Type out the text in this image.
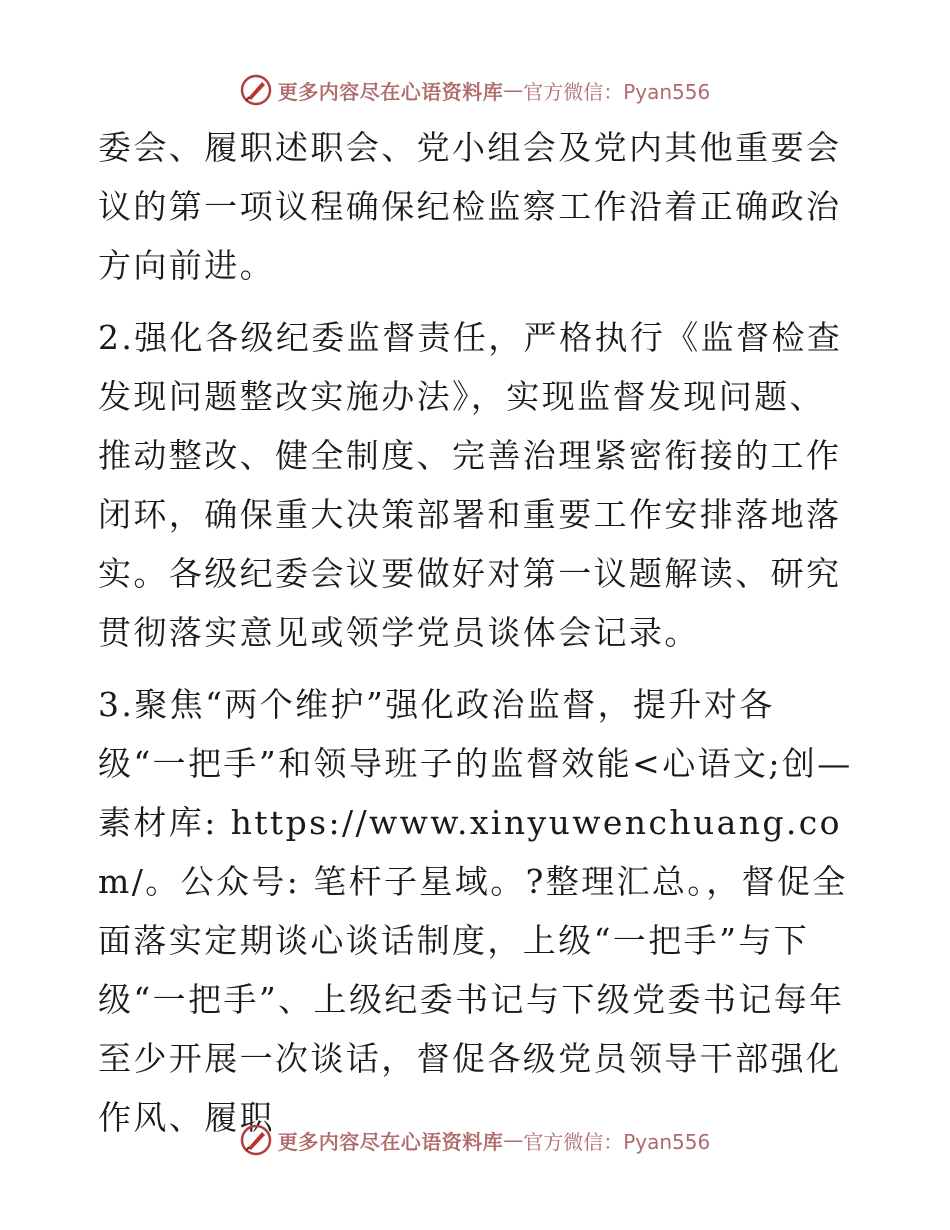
更多内容尽在心语资料库 — 官方微信：Pyan556

委会、履职述职会、党小组会及党内其他重要会议的第一项议程确保纪检监察工作沿着正确政治方向前进。

2.强化各级纪委监督责任，严格执行《监督检查发现问题整改实施办法》，实现监督发现问题、推动整改、健全制度、完善治理紧密衔接的工作闭环，确保重大决策部署和重要工作安排落地落实。各级纪委会议要做好对第一议题解读、研究贯彻落实意见或领学党员谈体会记录。

3.聚焦“两个维护”强化政治监督，提升对各级“一把手”和领导班子的监督效能<心语文;创—素材库: https://www.xinyuwenchuang.com/。公众号: 笔杆子星域。?整理汇总。，督促全面落实定期谈心谈话制度，上级“一把手”与下级“一把手”、上级纪委书记与下级党委书记每年至少开展一次谈话，督促各级党员领导干部强化作风、履职

更多内容尽在心语资料库 — 官方微信：Pyan556
